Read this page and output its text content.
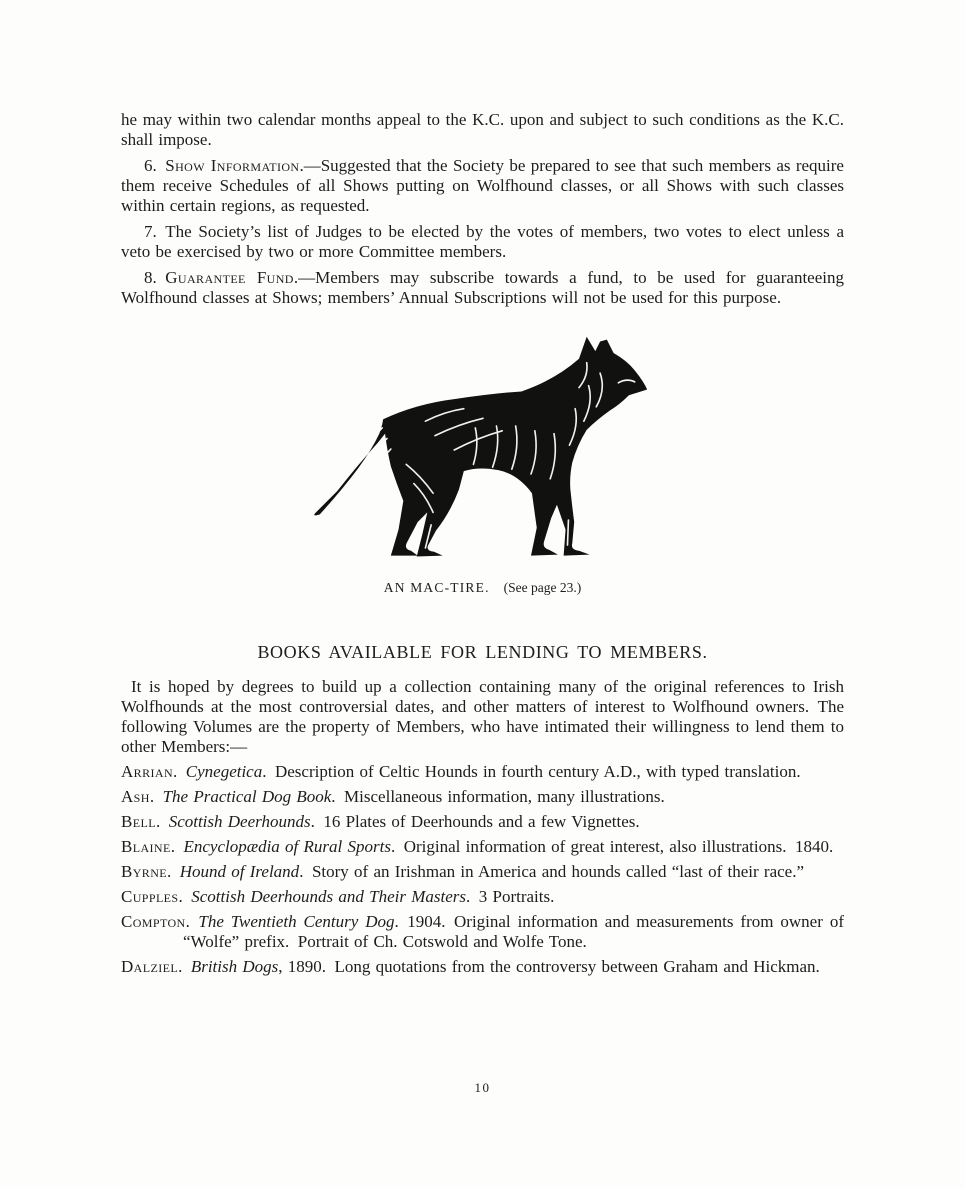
he may within two calendar months appeal to the K.C. upon and subject to such conditions as the K.C. shall impose.

6. Show Information.—Suggested that the Society be prepared to see that such members as require them receive Schedules of all Shows putting on Wolfhound classes, or all Shows with such classes within certain regions, as requested.

7. The Society’s list of Judges to be elected by the votes of members, two votes to elect unless a veto be exercised by two or more Committee members.

8. Guarantee Fund.—Members may subscribe towards a fund, to be used for guaranteeing Wolfhound classes at Shows; members’ Annual Subscriptions will not be used for this purpose.

AN MAC-TIRE. (See page 23.)
BOOKS AVAILABLE FOR LENDING TO MEMBERS.

It is hoped by degrees to build up a collection containing many of the original references to Irish Wolfhounds at the most controversial dates, and other matters of interest to Wolfhound owners. The following Volumes are the property of Members, who have intimated their willingness to lend them to other Members:—

Arrian. Cynegetica. Description of Celtic Hounds in fourth century A.D., with typed translation.

Ash. The Practical Dog Book. Miscellaneous information, many illustrations.

Bell. Scottish Deerhounds. 16 Plates of Deerhounds and a few Vignettes.

Blaine. Encyclopædia of Rural Sports. Original information of great interest, also illustrations. 1840.

Byrne. Hound of Ireland. Story of an Irishman in America and hounds called “last of their race.”

Cupples. Scottish Deerhounds and Their Masters. 3 Portraits.

Compton. The Twentieth Century Dog. 1904. Original information and measurements from owner of “Wolfe” prefix. Portrait of Ch. Cotswold and Wolfe Tone.

Dalziel. British Dogs, 1890. Long quotations from the controversy between Graham and Hickman.

10
